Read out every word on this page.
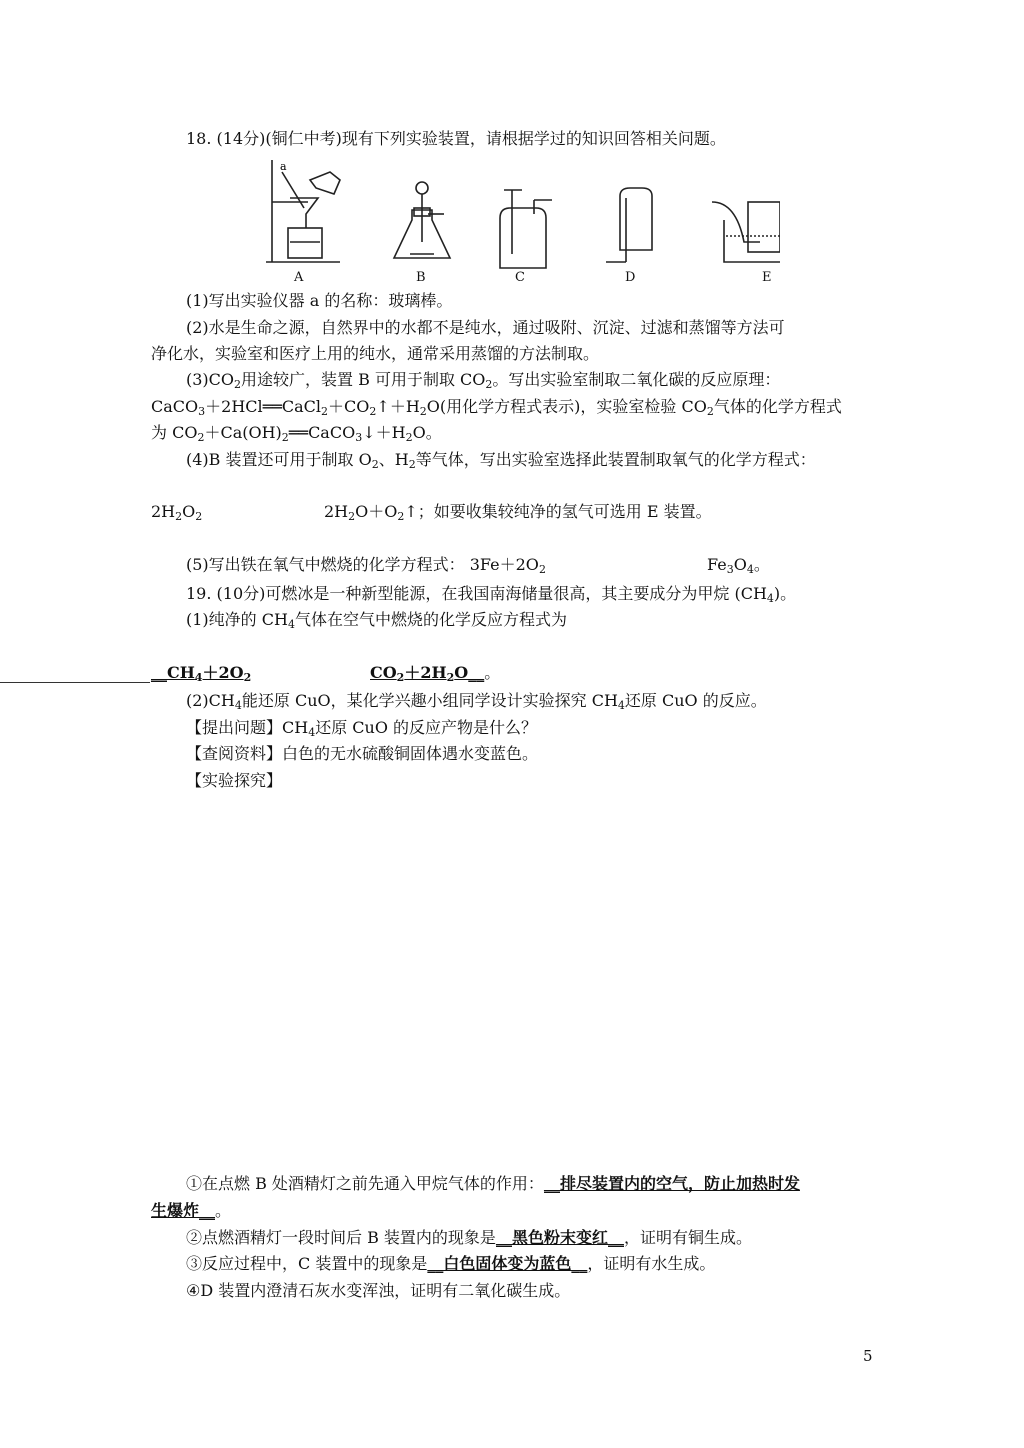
18. (14分)(铜仁中考)现有下列实验装置，请根据学过的知识回答相关问题。
a
A	B	C	D	E
(1)写出实验仪器 a 的名称：玻璃棒。
(2)水是生命之源，自然界中的水都不是纯水，通过吸附、沉淀、过滤和蒸馏等方法可
净化水，实验室和医疗上用的纯水，通常采用蒸馏的方法制取。
$(3)CO_2$用途较广，装置 B 可用于制取 $CO_2$。写出实验室制取二氧化碳的反应原理：
$CaCO_3+2HCl══CaCl_2+CO_2↑+H_2O$(用化学方程式表示)，实验室检验 $CO_2$气体的化学方程式
为 $CO_2+Ca(OH)_2══CaCO_3↓+H_2O$。
(4)B 装置还可用于制取 $O_2$、$H_2$等气体，写出实验室选择此装置制取氧气的化学方程式：
$2H_2O_2$	$2H_2O+O_2↑$；如要收集较纯净的氢气可选用 E 装置。
(5)写出铁在氧气中燃烧的化学方程式： $3Fe+2O_2$	$Fe_3O_4$。
19. (10分)可燃冰是一种新型能源，在我国南海储量很高，其主要成分为甲烷 $(CH_4)$。
(1)纯净的 $CH_4$气体在空气中燃烧的化学反应方程式为
$\_\_CH_4+2O_2$	$CO_2+2H_2O\_\_$。
$(2)CH_4$能还原 CuO，某化学兴趣小组同学设计实验探究 $CH_4$还原 CuO 的反应。
【提出问题】$CH_4$还原 CuO 的反应产物是什么？
【查阅资料】白色的无水硫酸铜固体遇水变蓝色。
【实验探究】
①在点燃 B 处酒精灯之前先通入甲烷气体的作用：__排尽装置内的空气，防止加热时发
生爆炸__。
②点燃酒精灯一段时间后 B 装置内的现象是__黑色粉末变红__，证明有铜生成。
③反应过程中，C 装置中的现象是__白色固体变为蓝色__，证明有水生成。
④D 装置内澄清石灰水变浑浊，证明有二氧化碳生成。
5
